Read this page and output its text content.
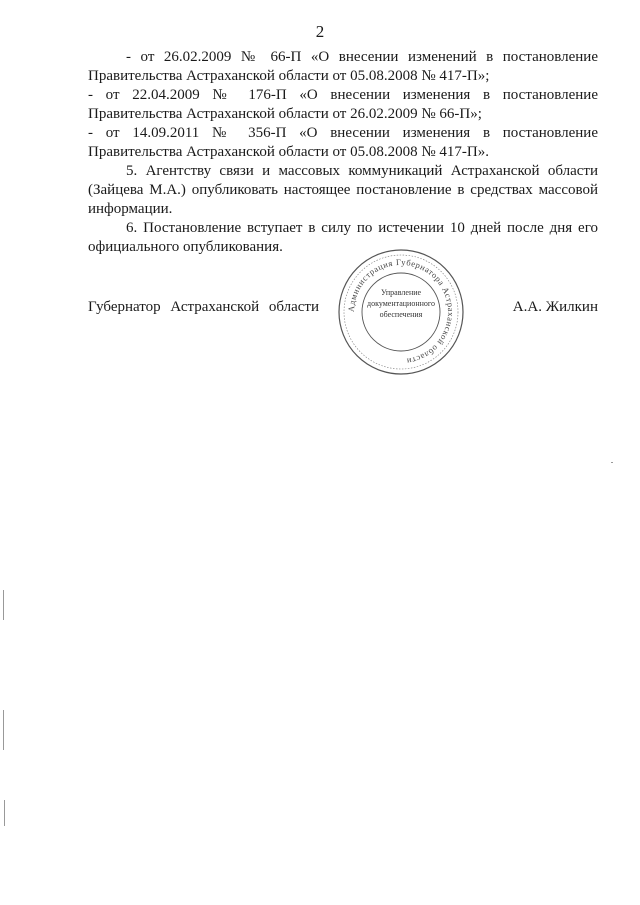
2
- от 26.02.2009 № 66-П «О внесении изменений в постановление
Правительства Астраханской области от 05.08.2008 № 417-П»;
- от 22.04.2009 № 176-П «О внесении изменения в постановление
Правительства Астраханской области от 26.02.2009 № 66-П»;
- от 14.09.2011 № 356-П «О внесении изменения в постановление
Правительства Астраханской области от 05.08.2008 № 417-П».
5. Агентству связи и массовых коммуникаций Астраханской области
(Зайцева М.А.) опубликовать настоящее постановление в средствах массовой
информации.
6. Постановление вступает в силу по истечении 10 дней после дня его
официального опубликования.
Губернатор Астраханской области	А.А. Жилкин
Администрация Губернатора Астраханской области
Управление
документационного
обеспечения
